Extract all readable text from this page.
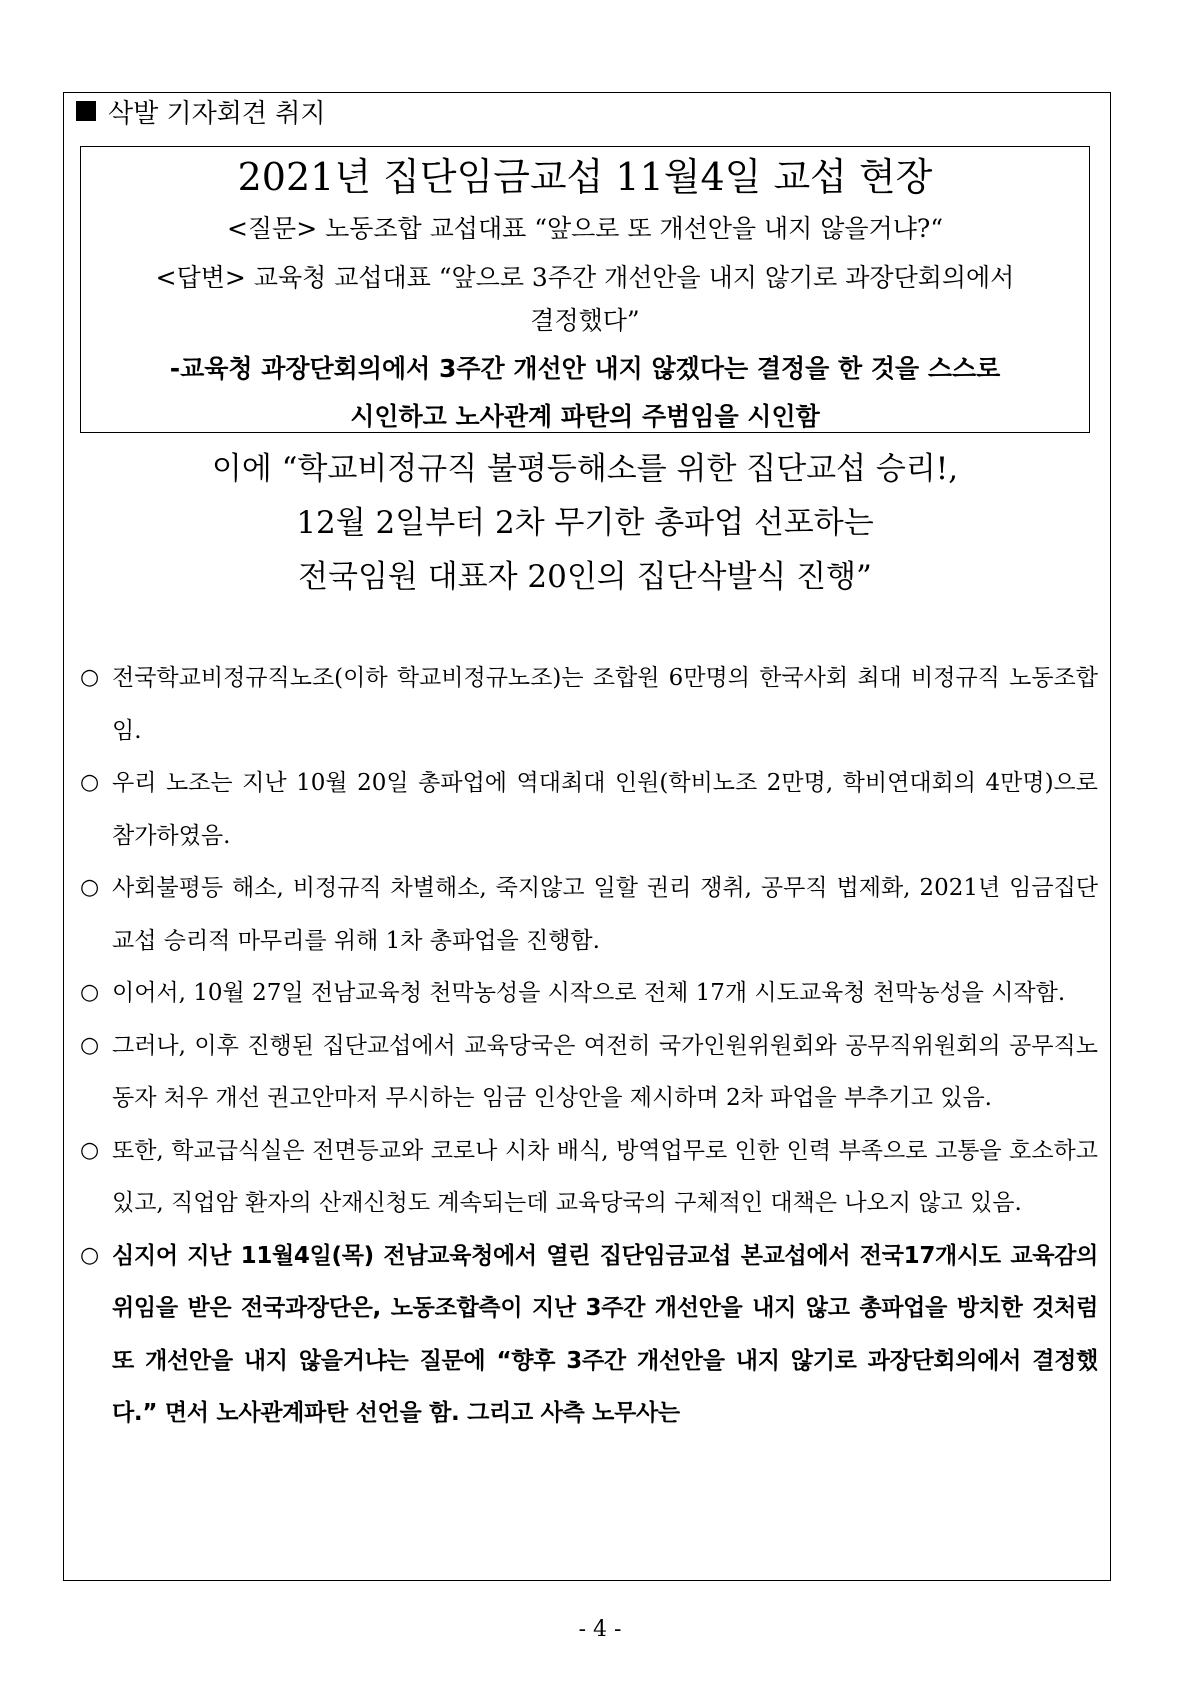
삭발 기자회견 취지
2021년 집단임금교섭 11월4일 교섭 현장
<질문> 노동조합 교섭대표 “앞으로 또 개선안을 내지 않을거냐?“
<답변> 교육청 교섭대표 “앞으로 3주간 개선안을 내지 않기로 과장단회의에서
결정했다”
-교육청 과장단회의에서 3주간 개선안 내지 않겠다는 결정을 한 것을 스스로
시인하고 노사관계 파탄의 주범임을 시인함
이에 “학교비정규직 불평등해소를 위한 집단교섭 승리!,
12월 2일부터 2차 무기한 총파업 선포하는
전국임원 대표자 20인의 집단삭발식 진행”
○ 전국학교비정규직노조(이하 학교비정규노조)는 조합원 6만명의 한국사회 최대 비정규직 노동조합임.
○ 우리 노조는 지난 10월 20일 총파업에 역대최대 인원(학비노조 2만명, 학비연대회의 4만명)으로 참가하였음.
○ 사회불평등 해소, 비정규직 차별해소, 죽지않고 일할 권리 쟁취, 공무직 법제화, 2021년 임금집단교섭 승리적 마무리를 위해 1차 총파업을 진행함.
○ 이어서, 10월 27일 전남교육청 천막농성을 시작으로 전체 17개 시도교육청 천막농성을 시작함.
○ 그러나, 이후 진행된 집단교섭에서 교육당국은 여전히 국가인원위원회와 공무직위원회의 공무직노동자 처우 개선 권고안마저 무시하는 임금 인상안을 제시하며 2차 파업을 부추기고 있음.
○ 또한, 학교급식실은 전면등교와 코로나 시차 배식, 방역업무로 인한 인력 부족으로 고통을 호소하고 있고, 직업암 환자의 산재신청도 계속되는데 교육당국의 구체적인 대책은 나오지 않고 있음.
○ 심지어 지난 11월4일(목) 전남교육청에서 열린 집단임금교섭 본교섭에서 전국17개시도 교육감의 위임을 받은 전국과장단은, 노동조합측이 지난 3주간 개선안을 내지 않고 총파업을 방치한 것처럼 또 개선안을 내지 않을거냐는 질문에 “향후 3주간 개선안을 내지 않기로 과장단회의에서 결정했다.” 면서 노사관계파탄 선언을 함. 그리고 사측 노무사는
- 4 -
